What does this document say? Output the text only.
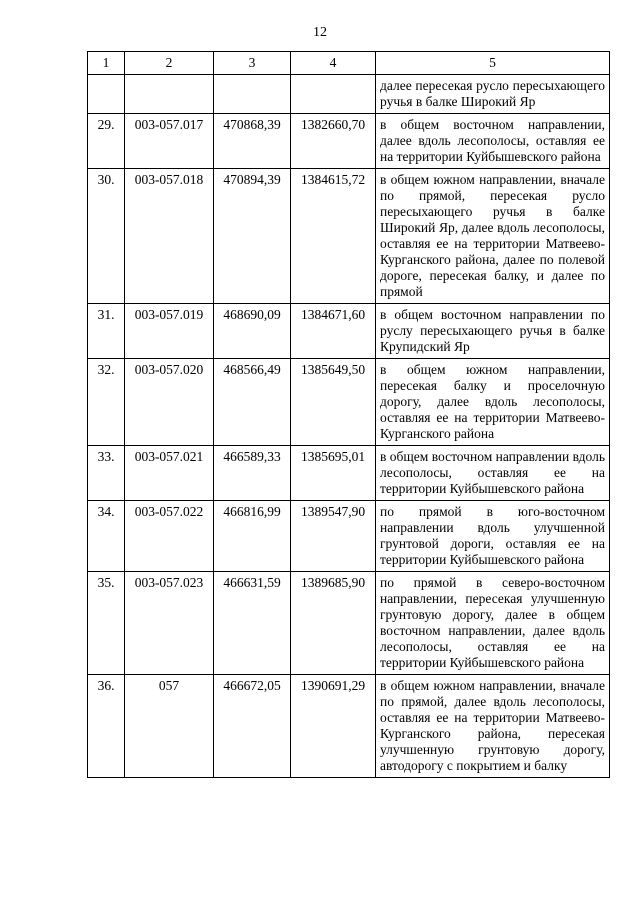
12
1	2	3	4	5
				далее пересекая русло пересыхающего ручья в балке Широкий Яр
29.	003-057.017	470868,39	1382660,70	в общем восточном направлении, далее вдоль лесополосы, оставляя ее на территории Куйбышевского района
30.	003-057.018	470894,39	1384615,72	в общем южном направлении, вначале по прямой, пересекая русло пересыхающего ручья в балке Широкий Яр, далее вдоль лесополосы, оставляя ее на территории Матвеево-Курганского района, далее по полевой дороге, пересекая балку, и далее по прямой
31.	003-057.019	468690,09	1384671,60	в общем восточном направлении по руслу пересыхающего ручья в балке Крупидский Яр
32.	003-057.020	468566,49	1385649,50	в общем южном направлении, пересекая балку и проселочную дорогу, далее вдоль лесополосы, оставляя ее на территории Матвеево-Курганского района
33.	003-057.021	466589,33	1385695,01	в общем восточном направлении вдоль лесополосы, оставляя ее на территории Куйбышевского района
34.	003-057.022	466816,99	1389547,90	по прямой в юго-восточном направлении вдоль улучшенной грунтовой дороги, оставляя ее на территории Куйбышевского района
35.	003-057.023	466631,59	1389685,90	по прямой в северо-восточном направлении, пересекая улучшенную грунтовую дорогу, далее в общем восточном направлении, далее вдоль лесополосы, оставляя ее на территории Куйбышевского района
36.	057	466672,05	1390691,29	в общем южном направлении, вначале по прямой, далее вдоль лесополосы, оставляя ее на территории Матвеево-Курганского района, пересекая улучшенную грунтовую дорогу, автодорогу с покрытием и балку
